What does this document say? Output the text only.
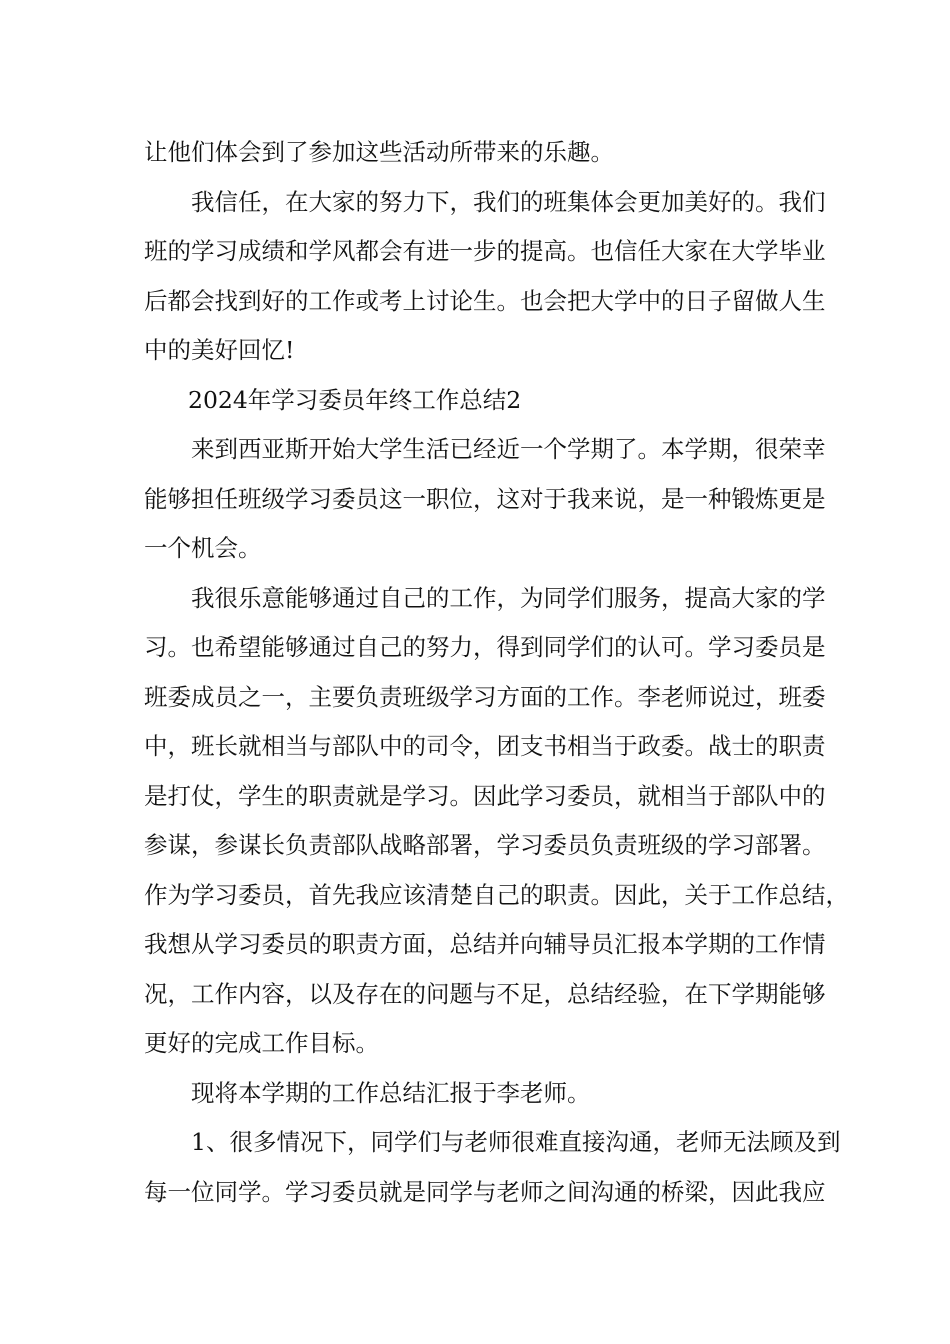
让他们体会到了参加这些活动所带来的乐趣。
我信任，在大家的努力下，我们的班集体会更加美好的。我们
班的学习成绩和学风都会有进一步的提高。也信任大家在大学毕业
后都会找到好的工作或考上讨论生。也会把大学中的日子留做人生
中的美好回忆!
2024年学习委员年终工作总结2
来到西亚斯开始大学生活已经近一个学期了。本学期，很荣幸
能够担任班级学习委员这一职位，这对于我来说，是一种锻炼更是
一个机会。
我很乐意能够通过自己的工作，为同学们服务，提高大家的学
习。也希望能够通过自己的努力，得到同学们的认可。学习委员是
班委成员之一，主要负责班级学习方面的工作。李老师说过，班委
中，班长就相当与部队中的司令，团支书相当于政委。战士的职责
是打仗，学生的职责就是学习。因此学习委员，就相当于部队中的
参谋，参谋长负责部队战略部署，学习委员负责班级的学习部署。
作为学习委员，首先我应该清楚自己的职责。因此，关于工作总结，
我想从学习委员的职责方面，总结并向辅导员汇报本学期的工作情
况，工作内容，以及存在的问题与不足，总结经验，在下学期能够
更好的完成工作目标。
现将本学期的工作总结汇报于李老师。
1、很多情况下，同学们与老师很难直接沟通，老师无法顾及到
每一位同学。学习委员就是同学与老师之间沟通的桥梁，因此我应
